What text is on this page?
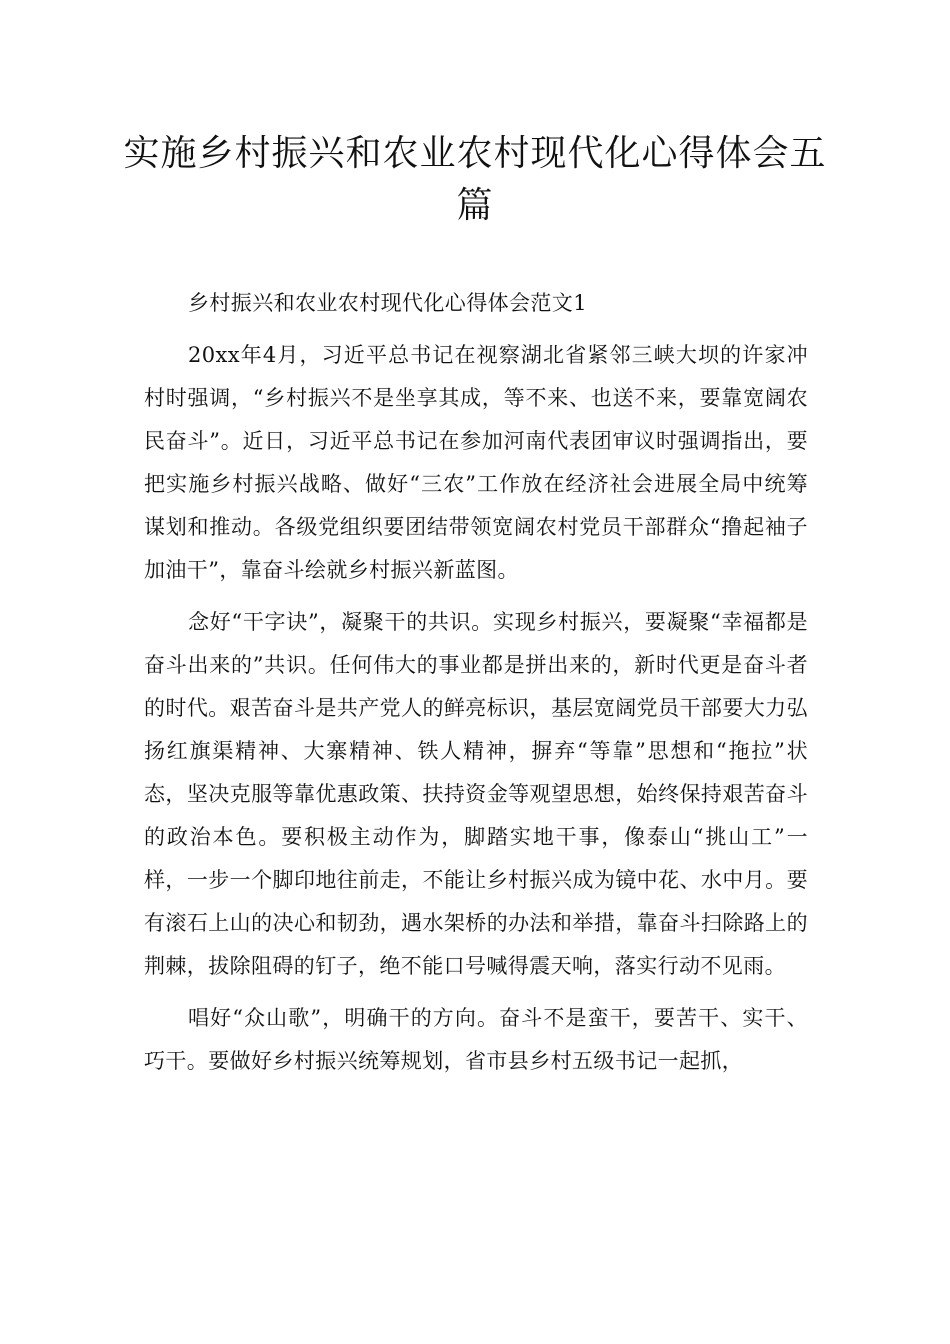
实施乡村振兴和农业农村现代化心得体会五篇

乡村振兴和农业农村现代化心得体会范文1

20xx年4月，习近平总书记在视察湖北省紧邻三峡大坝的许家冲村时强调，“乡村振兴不是坐享其成，等不来、也送不来，要靠宽阔农民奋斗”。近日，习近平总书记在参加河南代表团审议时强调指出，要把实施乡村振兴战略、做好“三农”工作放在经济社会进展全局中统筹谋划和推动。各级党组织要团结带领宽阔农村党员干部群众“撸起袖子加油干”，靠奋斗绘就乡村振兴新蓝图。

念好“干字诀”，凝聚干的共识。实现乡村振兴，要凝聚“幸福都是奋斗出来的”共识。任何伟大的事业都是拼出来的，新时代更是奋斗者的时代。艰苦奋斗是共产党人的鲜亮标识，基层宽阔党员干部要大力弘扬红旗渠精神、大寨精神、铁人精神，摒弃“等靠”思想和“拖拉”状态，坚决克服等靠优惠政策、扶持资金等观望思想，始终保持艰苦奋斗的政治本色。要积极主动作为，脚踏实地干事，像泰山“挑山工”一样，一步一个脚印地往前走，不能让乡村振兴成为镜中花、水中月。要有滚石上山的决心和韧劲，遇水架桥的办法和举措，靠奋斗扫除路上的荆棘，拔除阻碍的钉子，绝不能口号喊得震天响，落实行动不见雨。

唱好“众山歌”，明确干的方向。奋斗不是蛮干，要苦干、实干、巧干。要做好乡村振兴统筹规划，省市县乡村五级书记一起抓，
